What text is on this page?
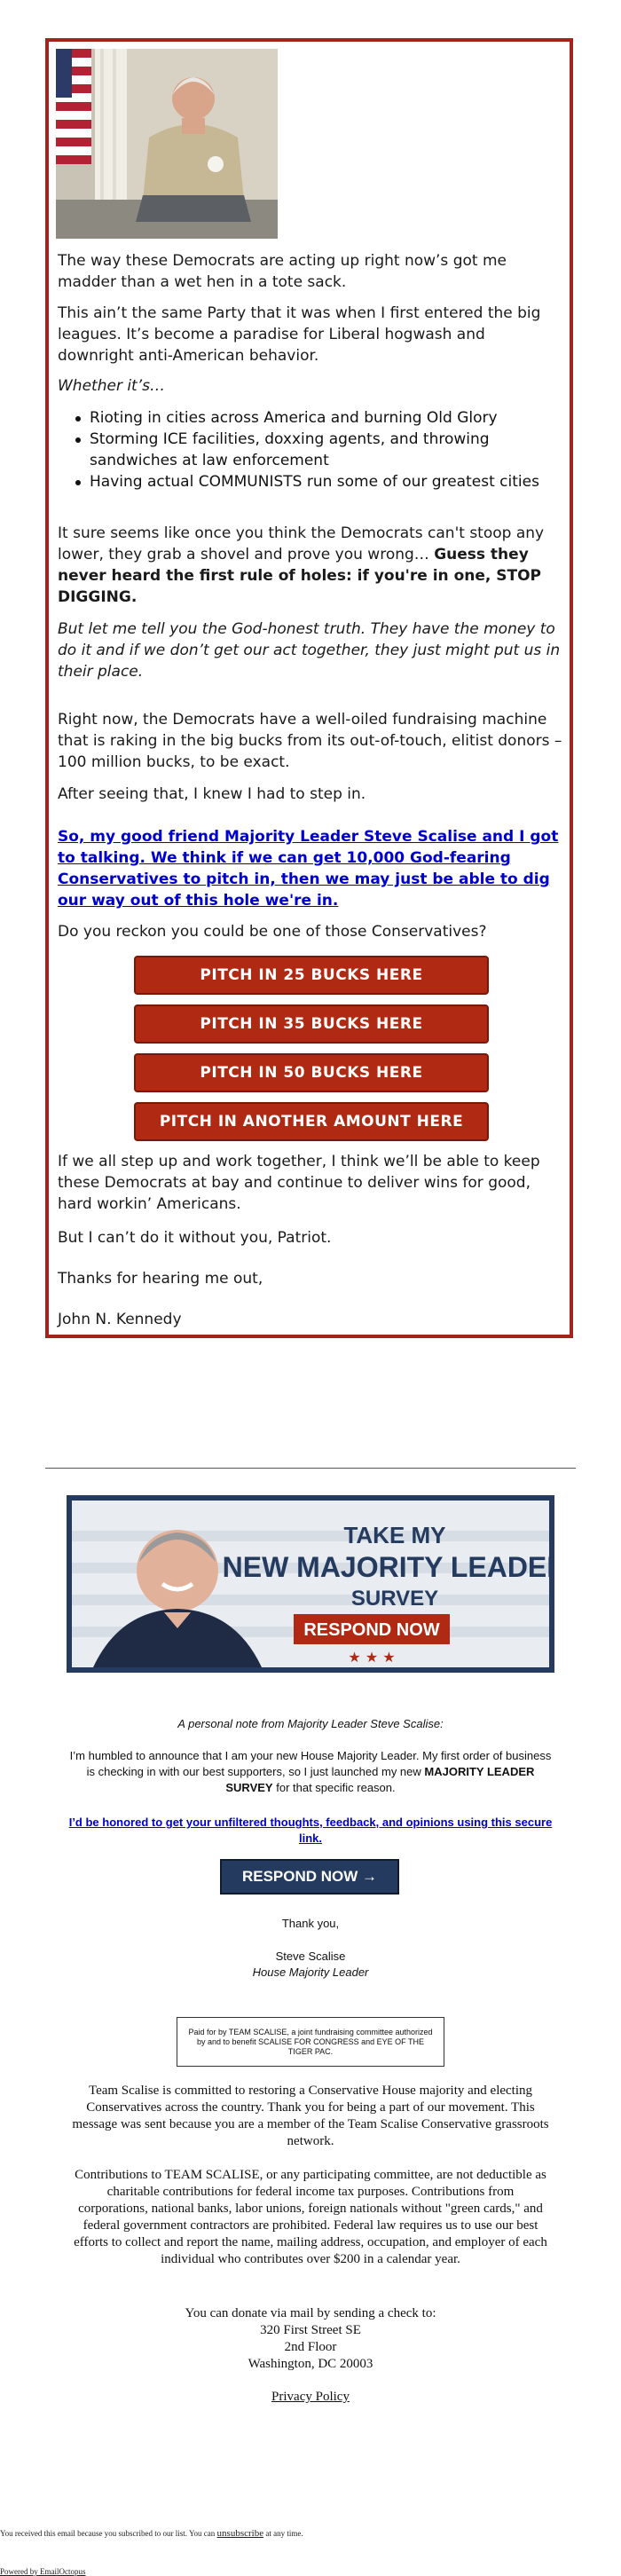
The way these Democrats are acting up right now’s got me madder than a wet hen in a tote sack.

This ain’t the same Party that it was when I first entered the big leagues. It’s become a paradise for Liberal hogwash and downright anti-American behavior.

Whether it’s…

Rioting in cities across America and burning Old Glory
Storming ICE facilities, doxxing agents, and throwing sandwiches at law enforcement
Having actual COMMUNISTS run some of our greatest cities

It sure seems like once you think the Democrats can't stoop any lower, they grab a shovel and prove you wrong… Guess they never heard the first rule of holes: if you're in one, STOP DIGGING.

But let me tell you the God-honest truth. They have the money to do it and if we don’t get our act together, they just might put us in their place.

Right now, the Democrats have a well-oiled fundraising machine that is raking in the big bucks from its out-of-touch, elitist donors – 100 million bucks, to be exact.

After seeing that, I knew I had to step in.

So, my good friend Majority Leader Steve Scalise and I got to talking. We think if we can get 10,000 God-fearing Conservatives to pitch in, then we may just be able to dig our way out of this hole we're in.

Do you reckon you could be one of those Conservatives?

PITCH IN 25 BUCKS HERE
PITCH IN 35 BUCKS HERE
PITCH IN 50 BUCKS HERE
PITCH IN ANOTHER AMOUNT HERE

If we all step up and work together, I think we’ll be able to keep these Democrats at bay and continue to deliver wins for good, hard workin’ Americans.

But I can’t do it without you, Patriot.

Thanks for hearing me out,

John N. Kennedy

TAKE MY
NEW MAJORITY LEADER
SURVEY
RESPOND NOW
★ ★ ★

A personal note from Majority Leader Steve Scalise:

I’m humbled to announce that I am your new House Majority Leader. My first order of business is checking in with our best supporters, so I just launched my new MAJORITY LEADER SURVEY for that specific reason.

I’d be honored to get your unfiltered thoughts, feedback, and opinions using this secure link.

RESPOND NOW →

Thank you,

Steve Scalise

House Majority Leader

Paid for by TEAM SCALISE, a joint fundraising committee authorized by and to benefit SCALISE FOR CONGRESS and EYE OF THE TIGER PAC.

Team Scalise is committed to restoring a Conservative House majority and electing Conservatives across the country. Thank you for being a part of our movement. This message was sent because you are a member of the Team Scalise Conservative grassroots network.

Contributions to TEAM SCALISE, or any participating committee, are not deductible as charitable contributions for federal income tax purposes. Contributions from corporations, national banks, labor unions, foreign nationals without "green cards," and federal government contractors are prohibited. Federal law requires us to use our best efforts to collect and report the name, mailing address, occupation, and employer of each individual who contributes over $200 in a calendar year.

You can donate via mail by sending a check to:

320 First Street SE

2nd Floor

Washington, DC 20003

Privacy Policy

You received this email because you subscribed to our list. You can unsubscribe at any time.

Powered by EmailOctopus
